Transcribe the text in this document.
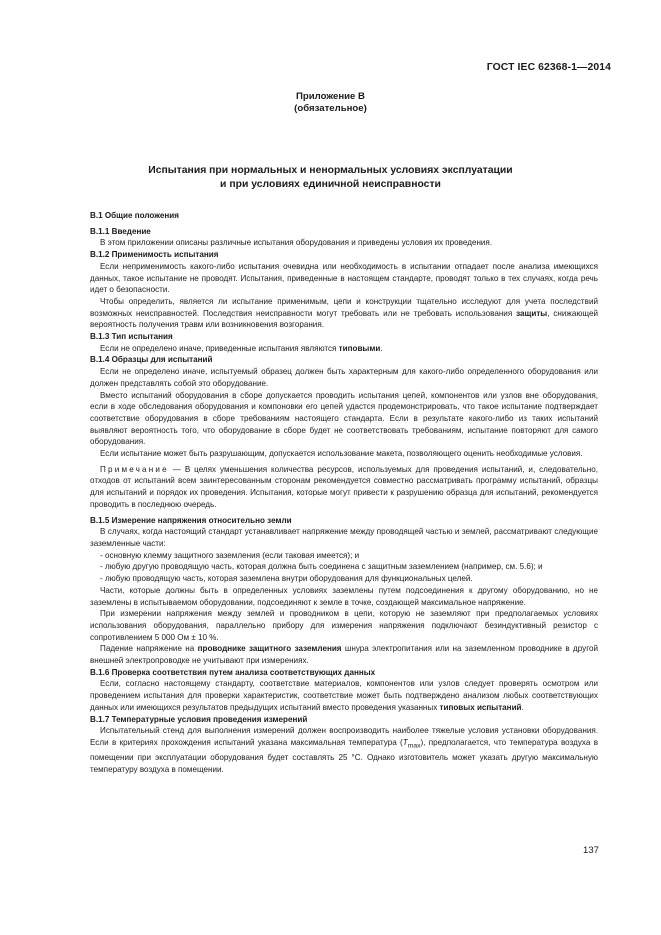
ГОСТ IEC 62368-1—2014
Приложение В
(обязательное)
Испытания при нормальных и ненормальных условиях эксплуатации
и при условиях единичной неисправности

В.1 Общие положения

В.1.1 Введение

В этом приложении описаны различные испытания оборудования и приведены условия их проведения.

В.1.2 Применимость испытания

Если неприменимость какого-либо испытания очевидна или необходимость в испытании отпадает после анализа имеющихся данных, такое испытание не проводят. Испытания, приведенные в настоящем стандарте, проводят только в тех случаях, когда речь идет о безопасности.

Чтобы определить, является ли испытание применимым, цепи и конструкции тщательно исследуют для учета последствий возможных неисправностей. Последствия неисправности могут требовать или не требовать использования защиты, снижающей вероятность получения травм или возникновения возгорания.

В.1.3 Тип испытания

Если не определено иначе, приведенные испытания являются типовыми.

В.1.4 Образцы для испытаний

Если не определено иначе, испытуемый образец должен быть характерным для какого-либо определенного оборудования или должен представлять собой это оборудование.

Вместо испытаний оборудования в сборе допускается проводить испытания цепей, компонентов или узлов вне оборудования, если в ходе обследования оборудования и компоновки его цепей удастся продемонстрировать, что такое испытание подтверждает соответствие оборудования в сборе требованиям настоящего стандарта. Если в результате какого-либо из таких испытаний выявляют вероятность того, что оборудование в сборе будет не соответствовать требованиям, испытание повторяют для самого оборудования.

Если испытание может быть разрушающим, допускается использование макета, позволяющего оценить необходимые условия.

Примечание — В целях уменьшения количества ресурсов, используемых для проведения испытаний, и, следовательно, отходов от испытаний всем заинтересованным сторонам рекомендуется совместно рассматривать программу испытаний, образцы для испытаний и порядок их проведения. Испытания, которые могут привести к разрушению образца для испытаний, рекомендуется проводить в последнюю очередь.

В.1.5 Измерение напряжения относительно земли

В случаях, когда настоящий стандарт устанавливает напряжение между проводящей частью и землей, рассматривают следующие заземленные части:

- основную клемму защитного заземления (если таковая имеется); и

- любую другую проводящую часть, которая должна быть соединена с защитным заземлением (например, см. 5.6); и

- любую проводящую часть, которая заземлена внутри оборудования для функциональных целей.

Части, которые должны быть в определенных условиях заземлены путем подсоединения к другому оборудованию, но не заземлены в испытываемом оборудовании, подсоединяют к земле в точке, создающей максимальное напряжение.

При измерении напряжения между землей и проводником в цепи, которую не заземляют при предполагаемых условиях использования оборудования, параллельно прибору для измерения напряжения подключают безиндуктивный резистор с сопротивлением 5 000 Ом ± 10 %.

Падение напряжение на проводнике защитного заземления шнура электропитания или на заземленном проводнике в другой внешней электропроводке не учитывают при измерениях.

В.1.6 Проверка соответствия путем анализа соответствующих данных

Если, согласно настоящему стандарту, соответствие материалов, компонентов или узлов следует проверять осмотром или проведением испытания для проверки характеристик, соответствие может быть подтверждено анализом любых соответствующих данных или имеющихся результатов предыдущих испытаний вместо проведения указанных типовых испытаний.

В.1.7 Температурные условия проведения измерений

Испытательный стенд для выполнения измерений должен воспроизводить наиболее тяжелые условия установки оборудования. Если в критериях прохождения испытаний указана максимальная температура $(T_{max})$, предполагается, что температура воздуха в помещении при эксплуатации оборудования будет составлять 25 °С. Однако изготовитель может указать другую максимальную температуру воздуха в помещении.

137
